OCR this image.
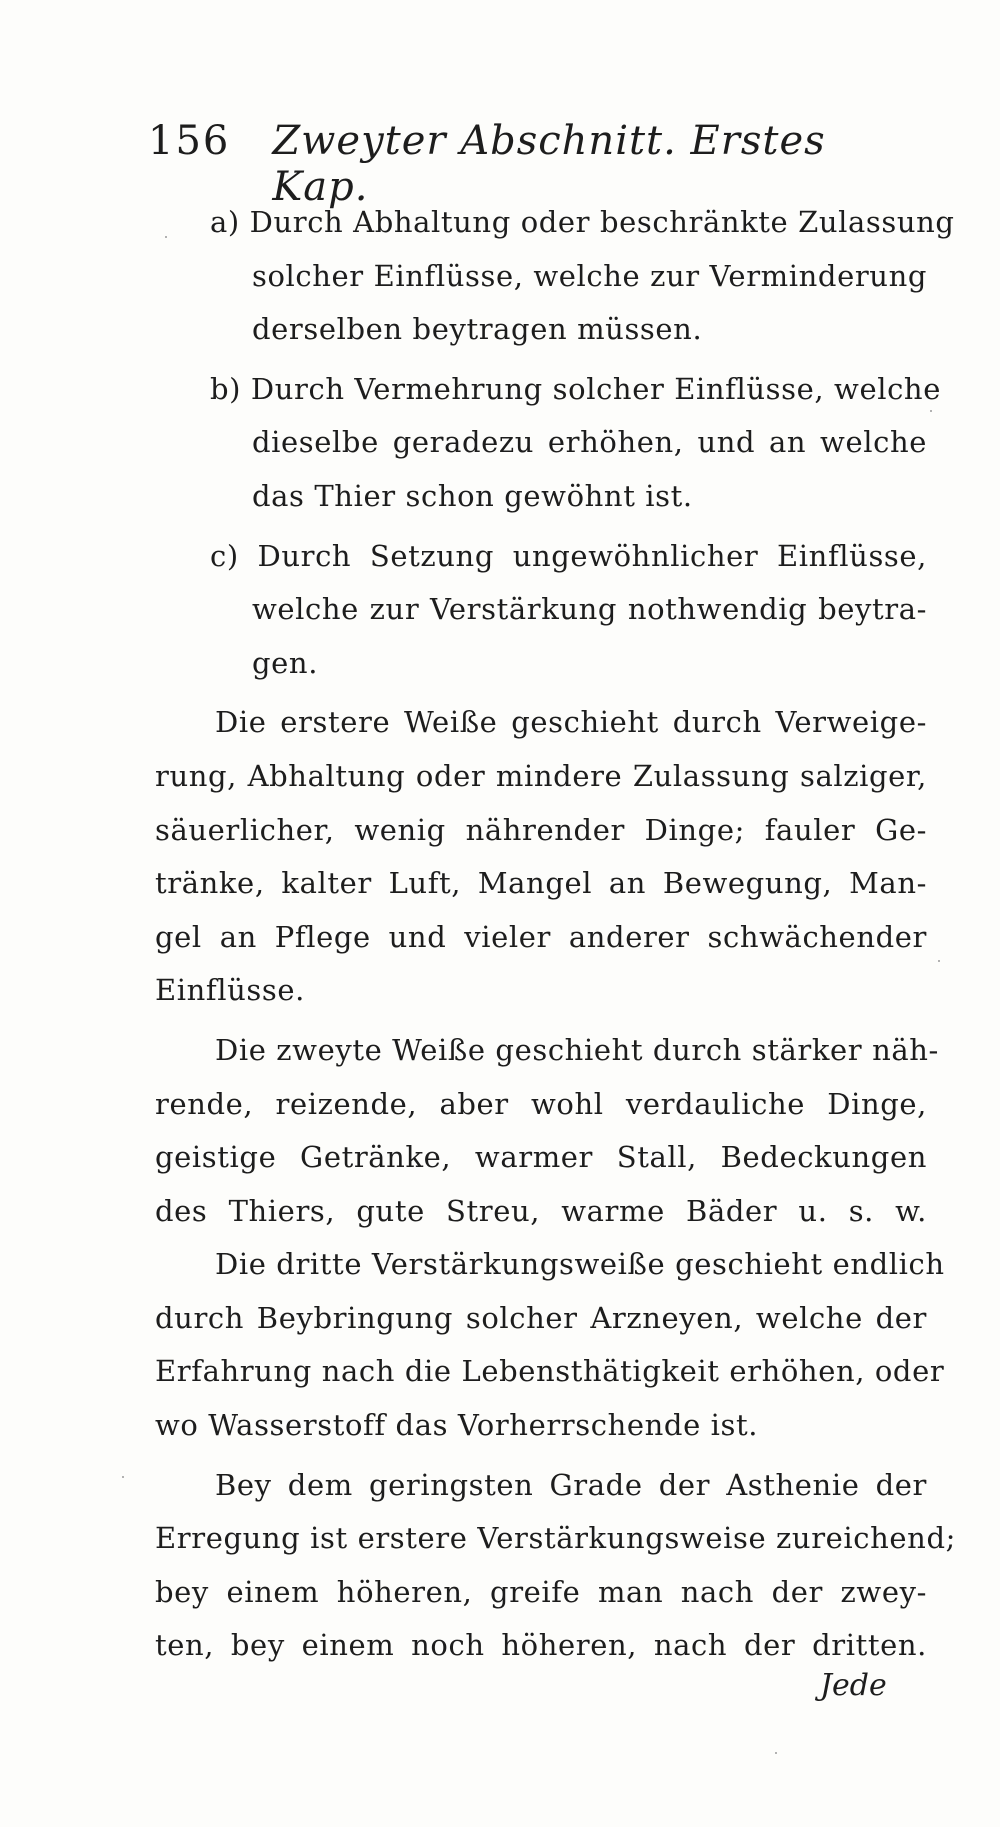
156 Zweyter Abschnitt. Erstes Kap.
a) Durch Abhaltung oder beschränkte Zulassung
solcher Einflüsse, welche zur Verminderung
derselben beytragen müssen.
b) Durch Vermehrung solcher Einflüsse, welche
dieselbe geradezu erhöhen, und an welche
das Thier schon gewöhnt ist.
c) Durch Setzung ungewöhnlicher Einflüsse,
welche zur Verstärkung nothwendig beytra-
gen.
Die erstere Weiße geschieht durch Verweige-
rung, Abhaltung oder mindere Zulassung salziger,
säuerlicher, wenig nährender Dinge; fauler Ge-
tränke, kalter Luft, Mangel an Bewegung, Man-
gel an Pflege und vieler anderer schwächender
Einflüsse.
Die zweyte Weiße geschieht durch stärker näh-
rende, reizende, aber wohl verdauliche Dinge,
geistige Getränke, warmer Stall, Bedeckungen
des Thiers, gute Streu, warme Bäder u. s. w.
Die dritte Verstärkungsweiße geschieht endlich
durch Beybringung solcher Arzneyen, welche der
Erfahrung nach die Lebensthätigkeit erhöhen, oder
wo Wasserstoff das Vorherrschende ist.
Bey dem geringsten Grade der Asthenie der
Erregung ist erstere Verstärkungsweise zureichend;
bey einem höheren, greife man nach der zwey-
ten, bey einem noch höheren, nach der dritten.
Jede
